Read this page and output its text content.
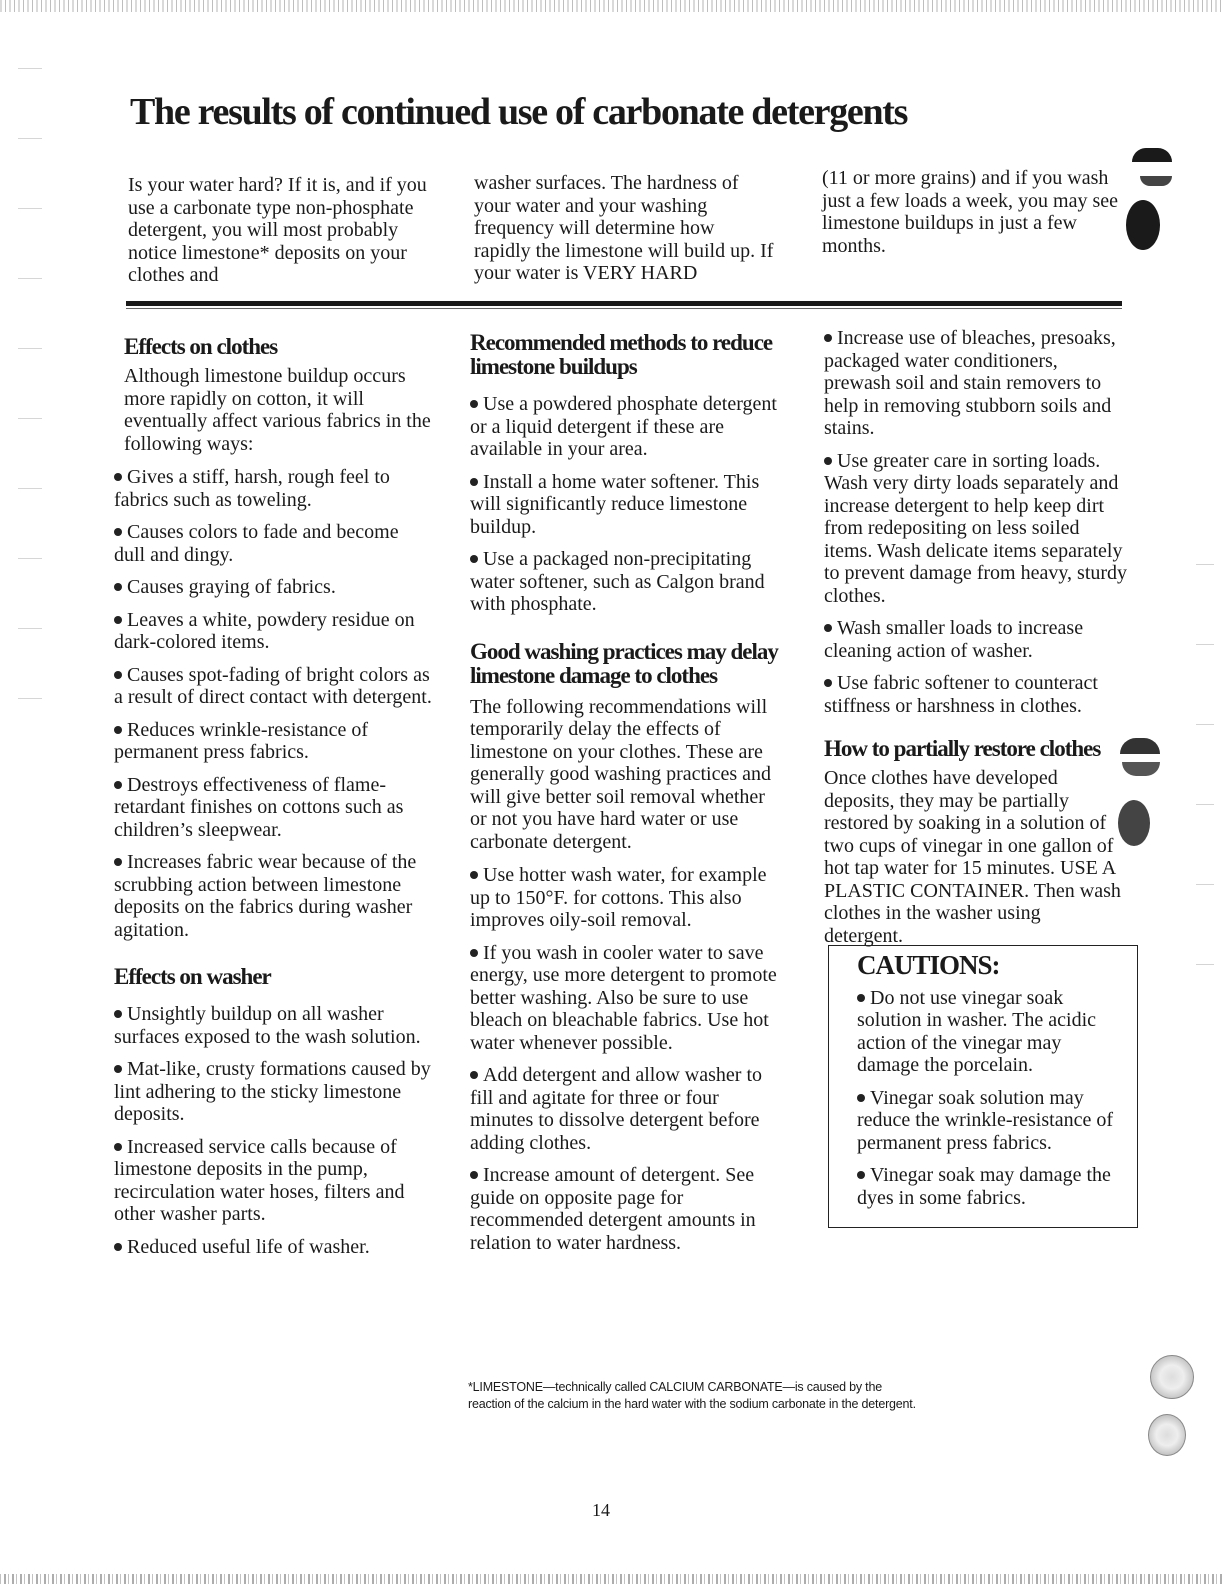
The results of continued use of carbonate detergents

Is your water hard? If it is, and if you use a carbonate type non-phosphate detergent, you will most probably notice limestone* deposits on your clothes and

washer surfaces. The hardness of your water and your washing frequency will determine how rapidly the limestone will build up. If your water is VERY HARD

(11 or more grains) and if you wash just a few loads a week, you may see limestone buildups in just a few months.

Effects on clothes

Although limestone buildup occurs more rapidly on cotton, it will eventually affect various fabrics in the following ways:

Gives a stiff, harsh, rough feel to fabrics such as toweling.
Causes colors to fade and become dull and dingy.
Causes graying of fabrics.
Leaves a white, powdery residue on dark-colored items.
Causes spot-fading of bright colors as a result of direct contact with detergent.
Reduces wrinkle-resistance of permanent press fabrics.
Destroys effectiveness of flame-retardant finishes on cottons such as children’s sleepwear.
Increases fabric wear because of the scrubbing action between limestone deposits on the fabrics during washer agitation.
Effects on washer
Unsightly buildup on all washer surfaces exposed to the wash solution.
Mat-like, crusty formations caused by lint adhering to the sticky limestone deposits.
Increased service calls because of limestone deposits in the pump, recirculation water hoses, filters and other washer parts.
Reduced useful life of washer.
Recommended methods to reduce limestone buildups
Use a powdered phosphate detergent or a liquid detergent if these are available in your area.
Install a home water softener. This will significantly reduce limestone buildup.
Use a packaged non-precipitating water softener, such as Calgon brand with phosphate.
Good washing practices may delay limestone damage to clothes

The following recommendations will temporarily delay the effects of limestone on your clothes. These are generally good washing practices and will give better soil removal whether or not you have hard water or use carbonate detergent.

Use hotter wash water, for example up to 150°F. for cottons. This also improves oily-soil removal.
If you wash in cooler water to save energy, use more detergent to promote better washing. Also be sure to use bleach on bleachable fabrics. Use hot water whenever possible.
Add detergent and allow washer to fill and agitate for three or four minutes to dissolve detergent before adding clothes.
Increase amount of detergent. See guide on opposite page for recommended detergent amounts in relation to water hardness.
Increase use of bleaches, presoaks, packaged water conditioners, prewash soil and stain removers to help in removing stubborn soils and stains.
Use greater care in sorting loads. Wash very dirty loads separately and increase detergent to help keep dirt from redepositing on less soiled items. Wash delicate items separately to prevent damage from heavy, sturdy clothes.
Wash smaller loads to increase cleaning action of washer.
Use fabric softener to counteract stiffness or harshness in clothes.
How to partially restore clothes

Once clothes have developed deposits, they may be partially restored by soaking in a solution of two cups of vinegar in one gallon of hot tap water for 15 minutes. USE A PLASTIC CONTAINER. Then wash clothes in the washer using detergent.

CAUTIONS:
Do not use vinegar soak solution in washer. The acidic action of the vinegar may damage the porcelain.
Vinegar soak solution may reduce the wrinkle-resistance of permanent press fabrics.
Vinegar soak may damage the dyes in some fabrics.
*LIMESTONE—technically called CALCIUM CARBONATE—is caused by the
reaction of the calcium in the hard water with the sodium carbonate in the detergent.
14
